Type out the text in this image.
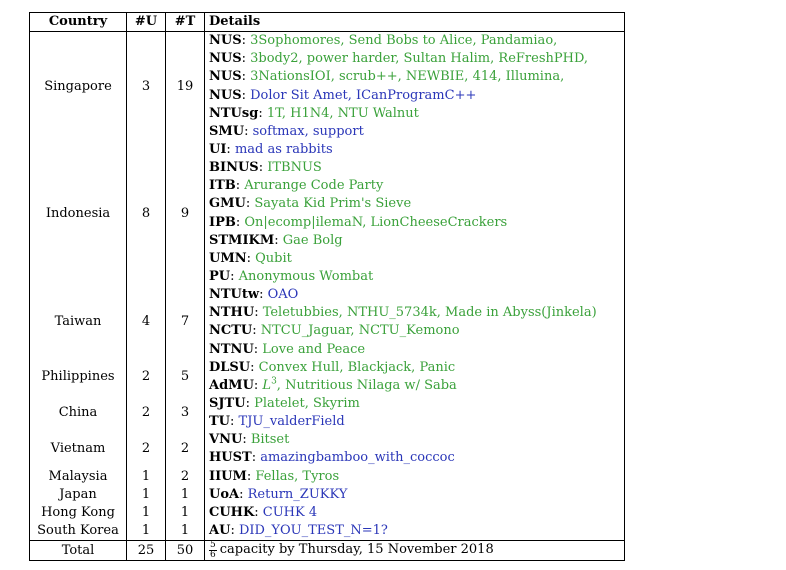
Country	#U	#T	Details
Singapore	3	19	NUS: 3Sophomores, Send Bobs to Alice, Pandamiao,
			NUS: 3body2, power harder, Sultan Halim, ReFreshPHD,
			NUS: 3NationsIOI, scrub++, NEWBIE, 414, Illumina,
			NUS: Dolor Sit Amet, ICanProgramC++
			NTUsg: 1T, H1N4, NTU Walnut
			SMU: softmax, support
Indonesia	8	9	UI: mad as rabbits
			BINUS: ITBNUS
			ITB: Arurange Code Party
			GMU: Sayata Kid Prim's Sieve
			IPB: On|ecomp|ilemaN, LionCheeseCrackers
			STMIKM: Gae Bolg
			UMN: Qubit
			PU: Anonymous Wombat
Taiwan	4	7	NTUtw: OAO
			NTHU: Teletubbies, NTHU_5734k, Made in Abyss(Jinkela)
			NCTU: NTCU_Jaguar, NCTU_Kemono
			NTNU: Love and Peace
Philippines	2	5	DLSU: Convex Hull, Blackjack, Panic
			AdMU: $L^3$, Nutritious Nilaga w/ Saba
China	2	3	SJTU: Platelet, Skyrim
			TU: TJU_valderField
Vietnam	2	2	VNU: Bitset
			HUST: amazingbamboo_with_coccoc
Malaysia	1	2	IIUM: Fellas, Tyros
Japan	1	1	UoA: Return_ZUKKY
Hong Kong	1	1	CUHK: CUHK 4
South Korea	1	1	AU: DID_YOU_TEST_N=1?
Total	25	50	$\frac{5}{6}$ capacity by Thursday, 15 November 2018
